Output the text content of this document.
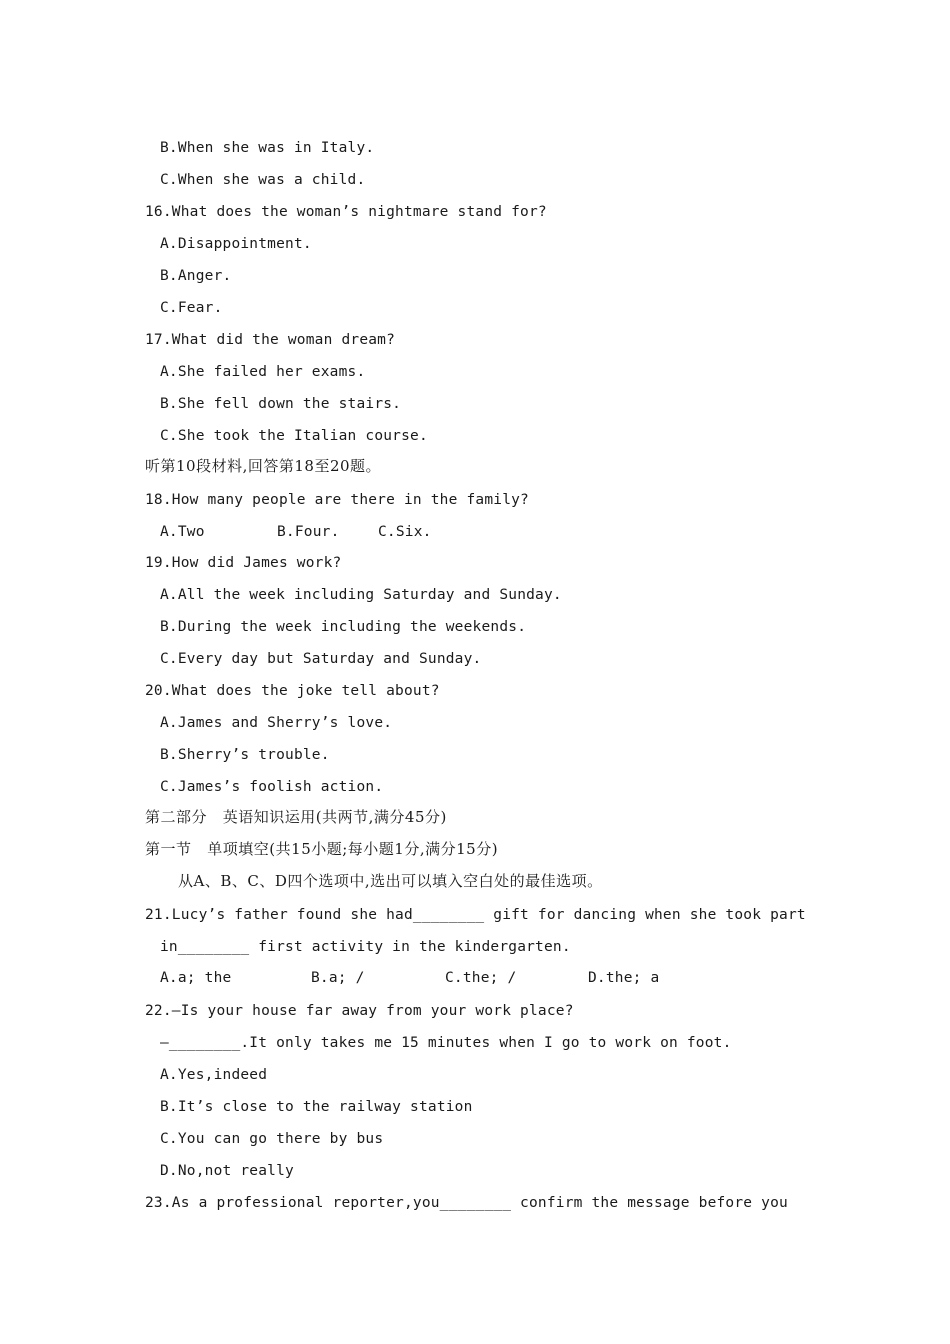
B.When she was in Italy.
C.When she was a child.
16.What does the woman’s nightmare stand for?
A.Disappointment.
B.Anger.
C.Fear.
17.What did the woman dream?
A.She failed her exams.
B.She fell down the stairs.
C.She took the Italian course.
听第10段材料,回答第18至20题。
18.How many people are there in the family?
A.Two	B.Four.	C.Six.
19.How did James work?
A.All the week including Saturday and Sunday.
B.During the week including the weekends.
C.Every day but Saturday and Sunday.
20.What does the joke tell about?
A.James and Sherry’s love.
B.Sherry’s trouble.
C.James’s foolish action.
第二部分   英语知识运用(共两节,满分45分)
第一节   单项填空(共15小题;每小题1分,满分15分)
从A、B、C、D四个选项中,选出可以填入空白处的最佳选项。
21.Lucy’s father found she had________ gift for dancing when she took part
in________ first activity in the kindergarten.
A.a; the	B.a; /	C.the; /	D.the; a
22.—Is your house far away from your work place?
—________.It only takes me 15 minutes when I go to work on foot.
A.Yes,indeed
B.It’s close to the railway station
C.You can go there by bus
D.No,not really
23.As a professional reporter,you________ confirm the message before you
